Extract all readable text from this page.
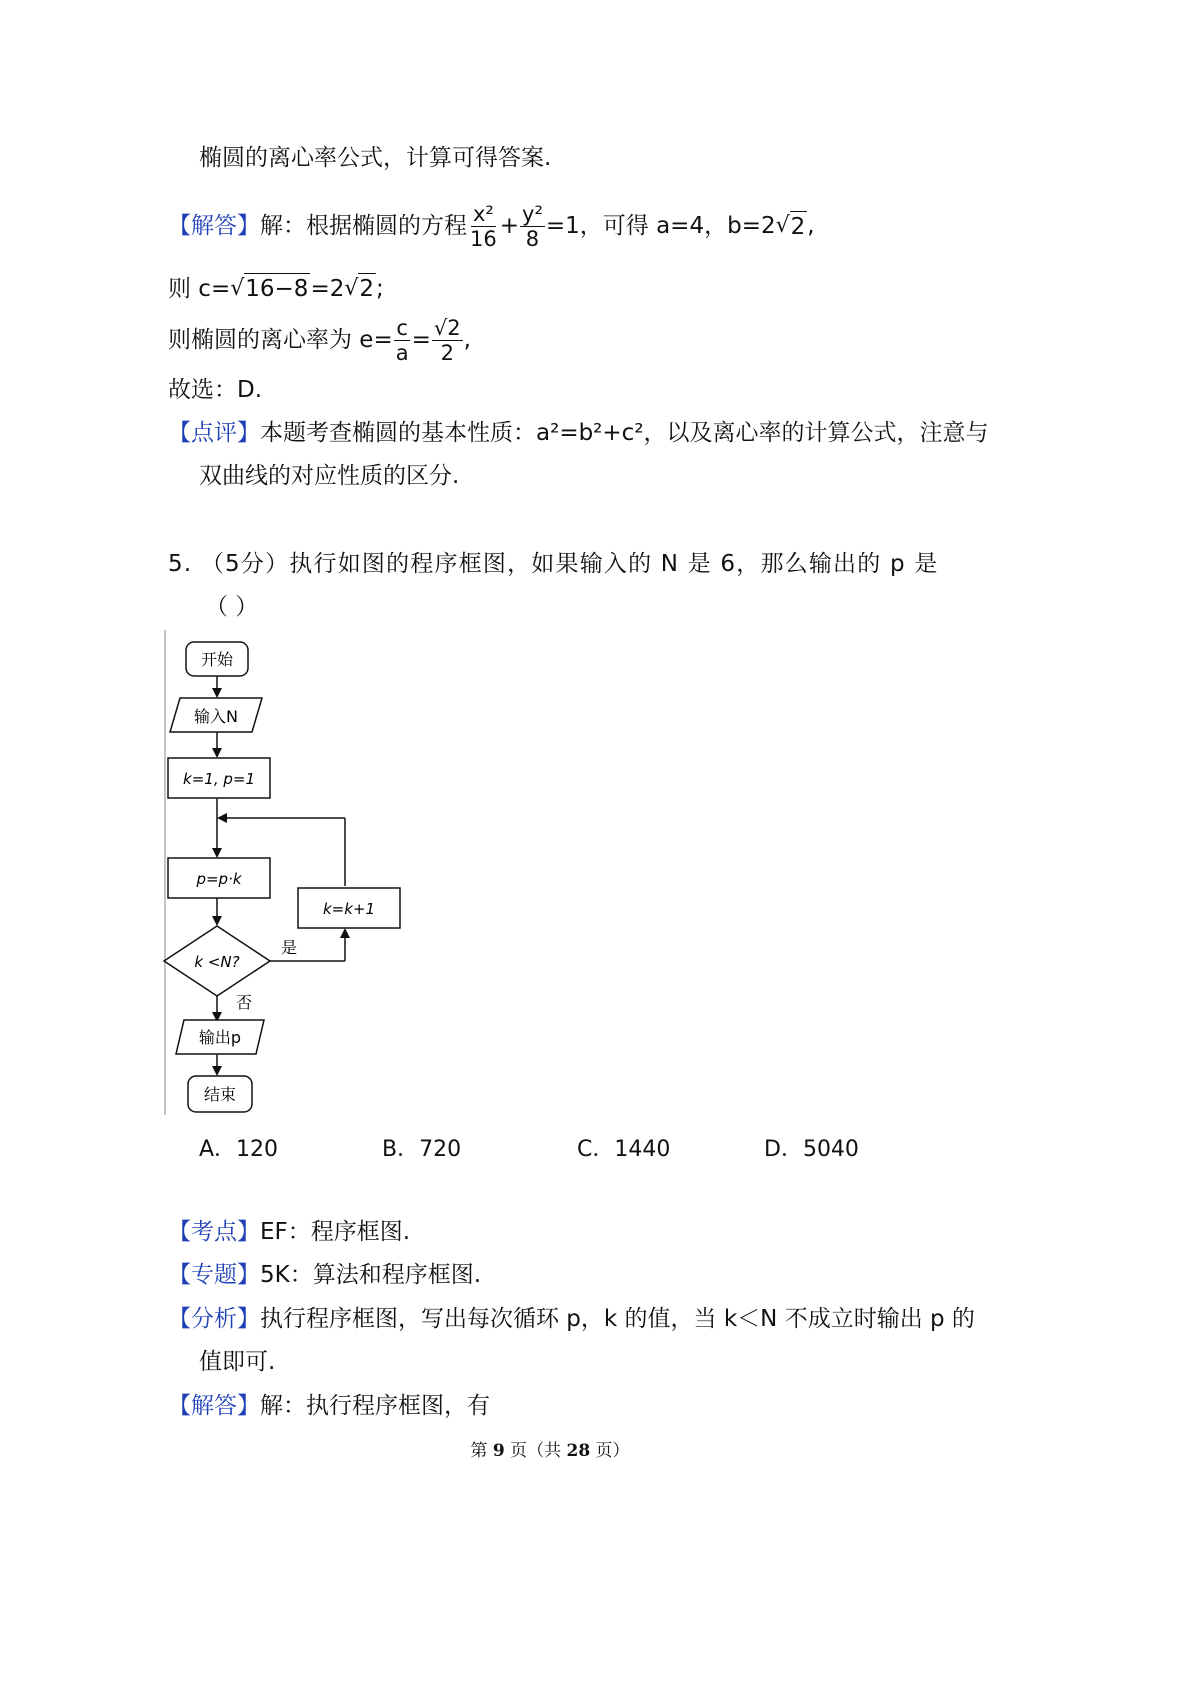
椭圆的离心率公式，计算可得答案.
【解答】 解：根据椭圆的方程 $\frac{\text{x²}}{16} + \frac{\text{y²}}{8} =1$，可得 a=4，b=2 √ 2 ,
则 c= √ 16−8 =2 √ 2 ;
则椭圆的离心率为 $e= \frac{c}{a} = \frac{√2}{2}$ ,
故选：D.
【点评】本题考查椭圆的基本性质：a²=b²+c²，以及离心率的计算公式，注意与
双曲线的对应性质的区分.
5. （5分）执行如图的程序框图，如果输入的 N 是 6，那么输出的 p 是
（ ）
开始
输入N
k=1, p=1
p=p·k
k=k+1
k <N?
是
否
输出p
结束
A．120	B．720	C．1440	D．5040
【考点】EF：程序框图.
【专题】5K：算法和程序框图.
【分析】执行程序框图，写出每次循环 p，k 的值，当 k＜N 不成立时输出 p 的
值即可.
【解答】解：执行程序框图，有
第 9 页（共 28 页）
